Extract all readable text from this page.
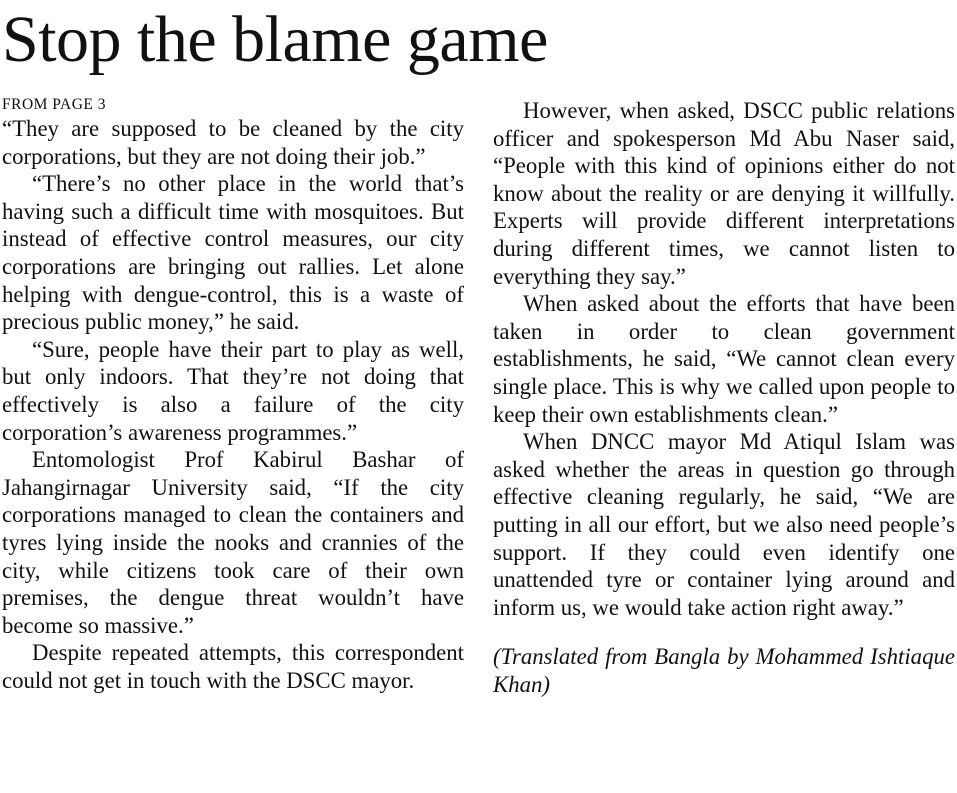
Stop the blame game
FROM PAGE 3

“They are supposed to be cleaned by the city corporations, but they are not doing their job.”

“There’s no other place in the world that’s having such a difficult time with mosquitoes. But instead of effective control measures, our city corporations are bringing out rallies. Let alone helping with dengue-control, this is a waste of precious public money,” he said.

“Sure, people have their part to play as well, but only indoors. That they’re not doing that effectively is also a failure of the city corporation’s awareness programmes.”

Entomologist Prof Kabirul Bashar of Jahangirnagar University said, “If the city corporations managed to clean the containers and tyres lying inside the nooks and crannies of the city, while citizens took care of their own premises, the dengue threat wouldn’t have become so massive.”

Despite repeated attempts, this correspondent could not get in touch with the DSCC mayor.

However, when asked, DSCC public relations officer and spokesperson Md Abu Naser said, “People with this kind of opinions either do not know about the reality or are denying it willfully. Experts will provide different interpretations during different times, we cannot listen to everything they say.”

When asked about the efforts that have been taken in order to clean government establishments, he said, “We cannot clean every single place. This is why we called upon people to keep their own establishments clean.”

When DNCC mayor Md Atiqul Islam was asked whether the areas in question go through effective cleaning regularly, he said, “We are putting in all our effort, but we also need people’s support. If they could even identify one unattended tyre or container lying around and inform us, we would take action right away.”

(Translated from Bangla by Mohammed Ishtiaque Khan)
